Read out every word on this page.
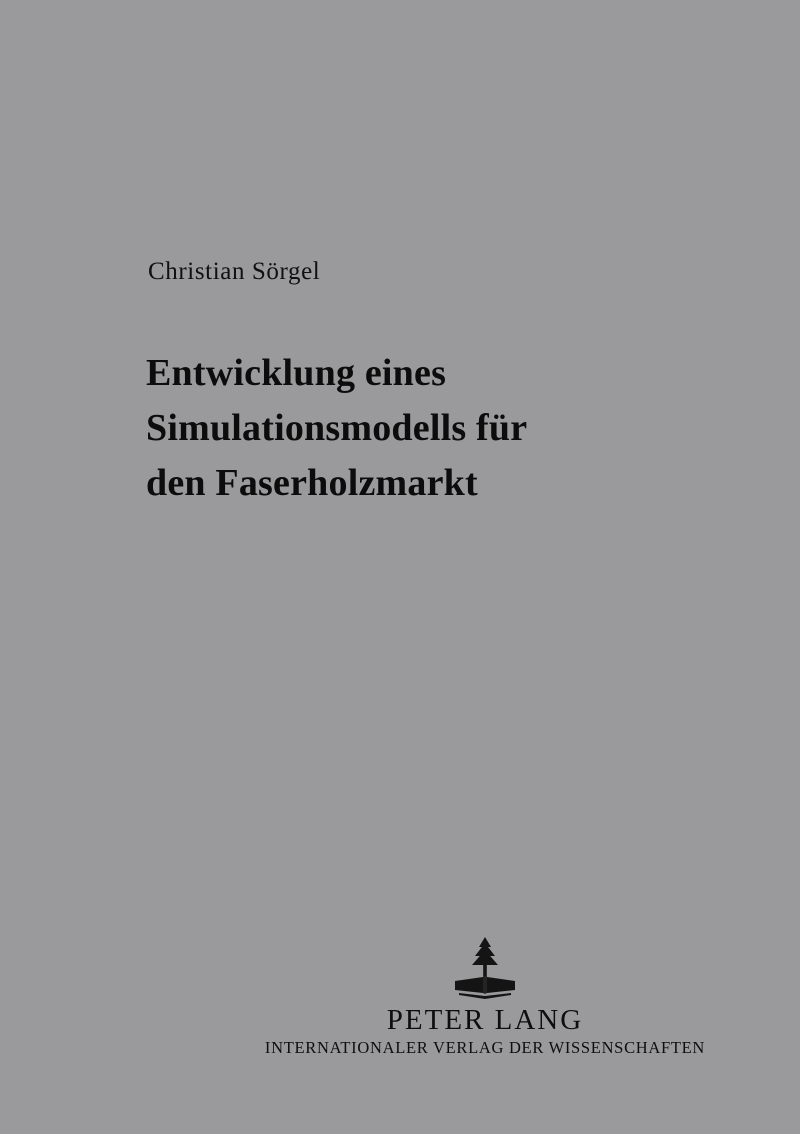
Christian Sörgel
Entwicklung eines
Simulationsmodells für
den Faserholzmarkt
PETER LANG
INTERNATIONALER VERLAG DER WISSENSCHAFTEN
